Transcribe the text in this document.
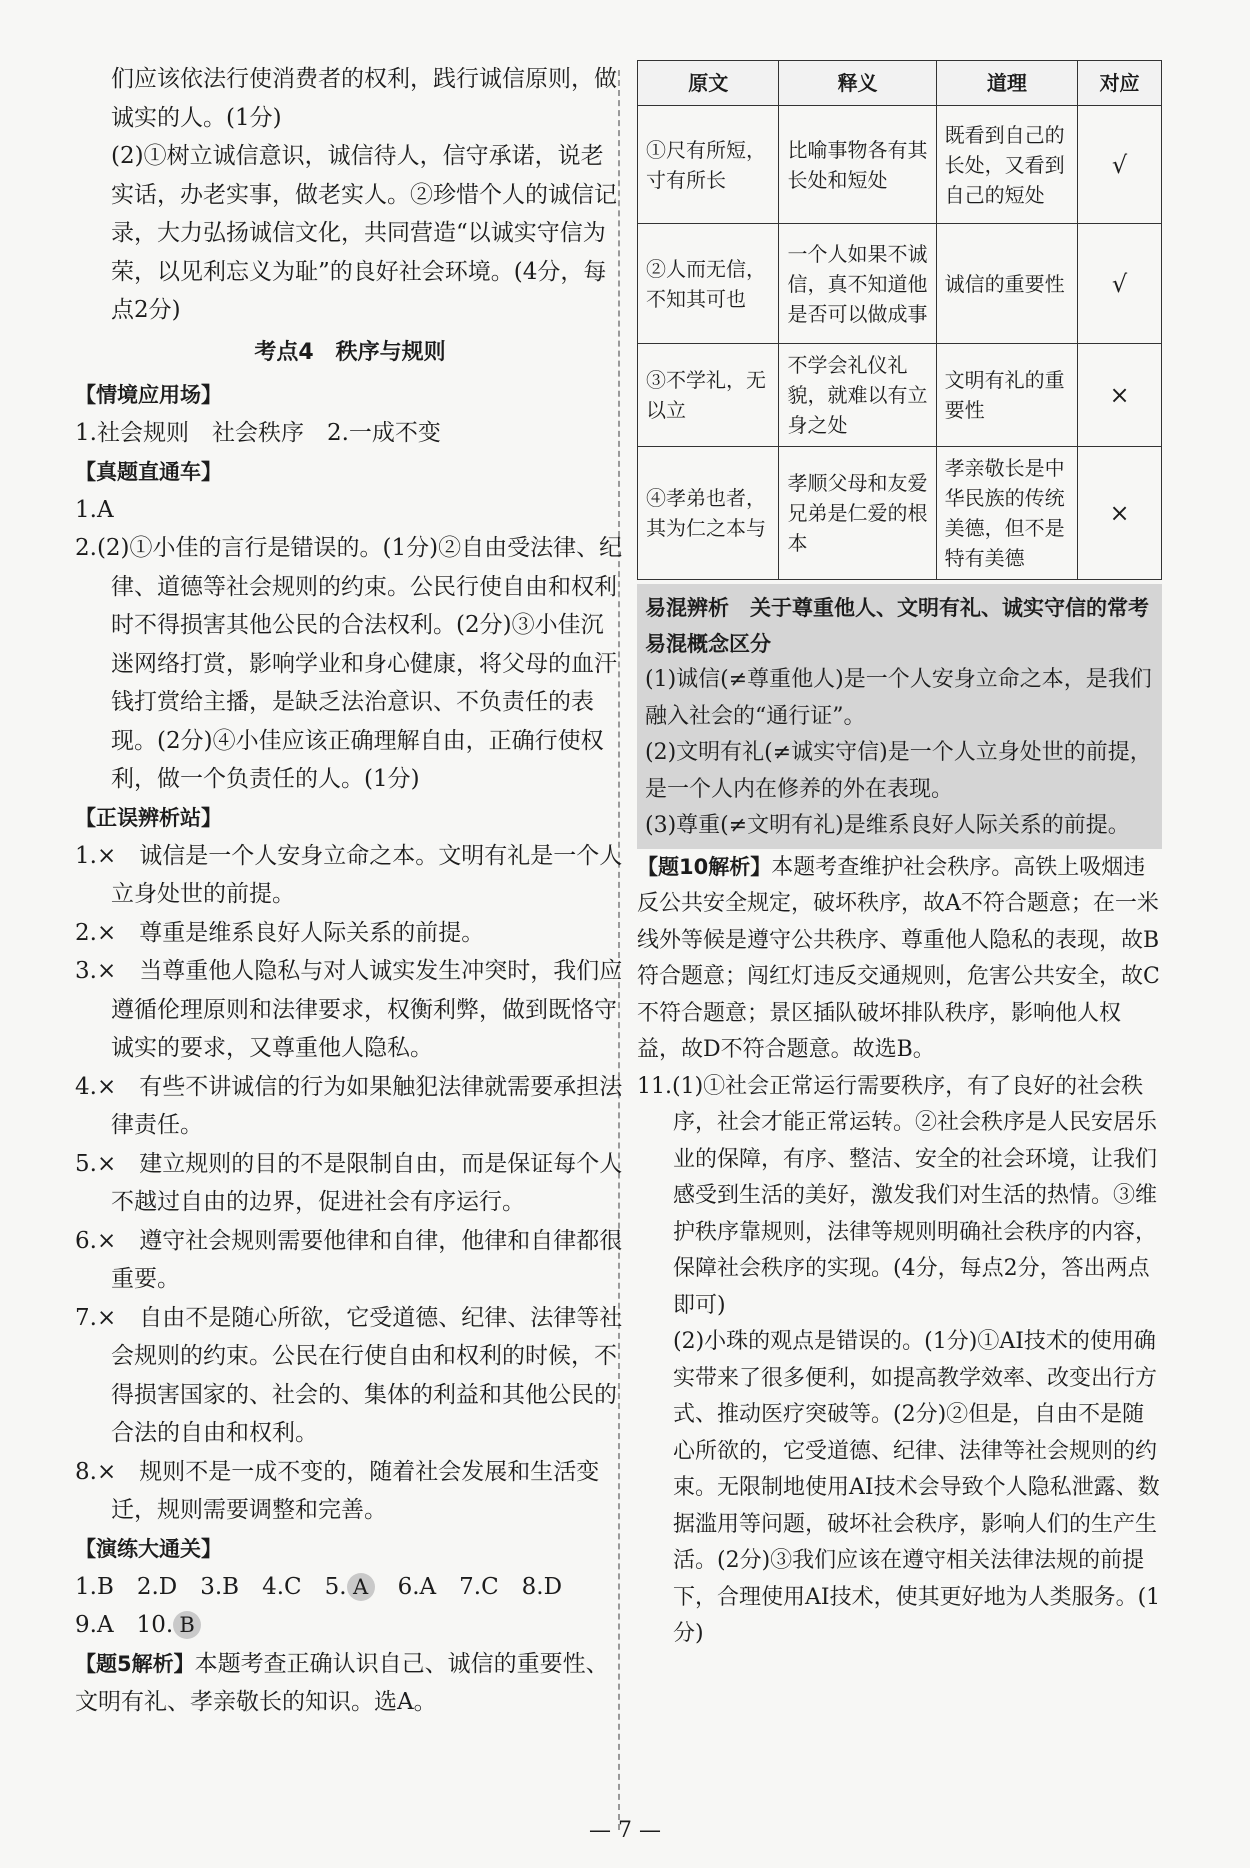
们应该依法行使消费者的权利，践行诚信原则，做诚实的人。(1分)

(2)①树立诚信意识，诚信待人，信守承诺，说老实话，办老实事，做老实人。②珍惜个人的诚信记录，大力弘扬诚信文化，共同营造“以诚实守信为荣，以见利忘义为耻”的良好社会环境。(4分，每点2分)

考点4　秩序与规则

【情境应用场】

1.社会规则　社会秩序　2.一成不变

【真题直通车】

1.A

2.(2)①小佳的言行是错误的。(1分)②自由受法律、纪律、道德等社会规则的约束。公民行使自由和权利时不得损害其他公民的合法权利。(2分)③小佳沉迷网络打赏，影响学业和身心健康，将父母的血汗钱打赏给主播，是缺乏法治意识、不负责任的表现。(2分)④小佳应该正确理解自由，正确行使权利，做一个负责任的人。(1分)

【正误辨析站】

1.×　诚信是一个人安身立命之本。文明有礼是一个人立身处世的前提。

2.×　尊重是维系良好人际关系的前提。

3.×　当尊重他人隐私与对人诚实发生冲突时，我们应遵循伦理原则和法律要求，权衡利弊，做到既恪守诚实的要求，又尊重他人隐私。

4.×　有些不讲诚信的行为如果触犯法律就需要承担法律责任。

5.×　建立规则的目的不是限制自由，而是保证每个人不越过自由的边界，促进社会有序运行。

6.×　遵守社会规则需要他律和自律，他律和自律都很重要。

7.×　自由不是随心所欲，它受道德、纪律、法律等社会规则的约束。公民在行使自由和权利的时候，不得损害国家的、社会的、集体的利益和其他公民的合法的自由和权利。

8.×　规则不是一成不变的，随着社会发展和生活变迁，规则需要调整和完善。

【演练大通关】

1.B　2.D　3.B　4.C　5. A　6.A　7.C　8.D

9.A　10. B

【题5解析】本题考查正确认识自己、诚信的重要性、文明有礼、孝亲敬长的知识。选A。

原文	释义	道理	对应
①尺有所短，寸有所长	比喻事物各有其长处和短处	既看到自己的长处，又看到自己的短处	√
②人而无信，不知其可也	一个人如果不诚信，真不知道他是否可以做成事	诚信的重要性	√
③不学礼，无以立	不学会礼仪礼貌，就难以有立身之处	文明有礼的重要性	×
④孝弟也者，其为仁之本与	孝顺父母和友爱兄弟是仁爱的根本	孝亲敬长是中华民族的传统美德，但不是特有美德	×

易混辨析　关于尊重他人、文明有礼、诚实守信的常考易混概念区分

(1)诚信(≠尊重他人)是一个人安身立命之本，是我们融入社会的“通行证”。

(2)文明有礼(≠诚实守信)是一个人立身处世的前提，是一个人内在修养的外在表现。

(3)尊重(≠文明有礼)是维系良好人际关系的前提。

【题10解析】本题考查维护社会秩序。高铁上吸烟违反公共安全规定，破坏秩序，故A不符合题意；在一米线外等候是遵守公共秩序、尊重他人隐私的表现，故B符合题意；闯红灯违反交通规则，危害公共安全，故C不符合题意；景区插队破坏排队秩序，影响他人权益，故D不符合题意。故选B。

11.(1)①社会正常运行需要秩序，有了良好的社会秩序，社会才能正常运转。②社会秩序是人民安居乐业的保障，有序、整洁、安全的社会环境，让我们感受到生活的美好，激发我们对生活的热情。③维护秩序靠规则，法律等规则明确社会秩序的内容，保障社会秩序的实现。(4分，每点2分，答出两点即可)

(2)小珠的观点是错误的。(1分)①AI技术的使用确实带来了很多便利，如提高教学效率、改变出行方式、推动医疗突破等。(2分)②但是，自由不是随心所欲的，它受道德、纪律、法律等社会规则的约束。无限制地使用AI技术会导致个人隐私泄露、数据滥用等问题，破坏社会秩序，影响人们的生产生活。(2分)③我们应该在遵守相关法律法规的前提下，合理使用AI技术，使其更好地为人类服务。(1分)

— 7 —
